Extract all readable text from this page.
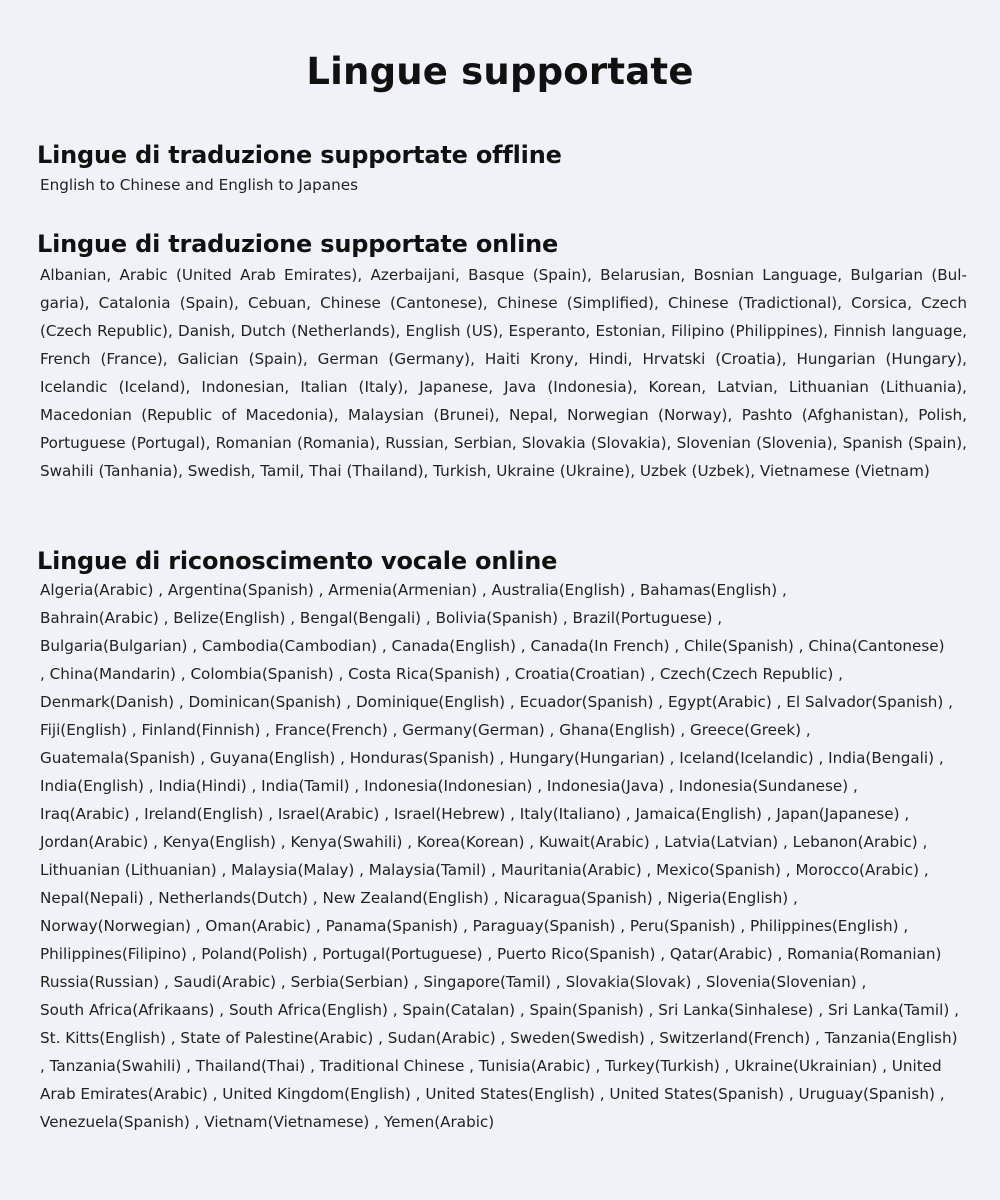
Lingue supportate
Lingue di traduzione supportate offline

English to Chinese and English to Japanes

Lingue di traduzione supportate online

Albanian, Arabic (United Arab Emirates), Azerbaijani, Basque (Spain), Belarusian, Bosnian Language, Bulgarian (Bulgaria), Catalonia (Spain), Cebuan, Chinese (Cantonese), Chinese (Simplified), Chinese (Tradictional), Corsica, Czech (Czech Republic), Danish, Dutch (Netherlands), English (US), Esperanto, Estonian, Filipino (Philippines), Finnish language, French (France), Galician (Spain), German (Germany), Haiti Krony, Hindi, Hrvatski (Croatia), Hungarian (Hungary), Icelandic (Iceland), Indonesian, Italian (Italy), Japanese, Java (Indonesia), Korean, Latvian, Lithuanian (Lithuania), Macedonian (Republic of Macedonia), Malaysian (Brunei), Nepal, Norwegian (Norway), Pashto (Afghanistan), Polish, Portuguese (Portugal), Romanian (Romania), Russian, Serbian, Slovakia (Slovakia), Slovenian (Slovenia), Spanish (Spain), Swahili (Tanhania), Swedish, Tamil, Thai (Thailand), Turkish, Ukraine (Ukraine), Uzbek (Uzbek), Vietnamese (Vietnam)

Lingue di riconoscimento vocale online

Algeria(Arabic) , Argentina(Spanish) , Armenia(Armenian) , Australia(English) , Bahamas(English) ,

Bahrain(Arabic) , Belize(English) , Bengal(Bengali) , Bolivia(Spanish) , Brazil(Portuguese) ,

Bulgaria(Bulgarian) , Cambodia(Cambodian) , Canada(English) , Canada(In French) , Chile(Spanish) , China(Cantonese)

, China(Mandarin) , Colombia(Spanish) , Costa Rica(Spanish) , Croatia(Croatian) , Czech(Czech Republic) ,

Denmark(Danish) , Dominican(Spanish) , Dominique(English) , Ecuador(Spanish) , Egypt(Arabic) , El Salvador(Spanish) ,

Fiji(English) , Finland(Finnish) , France(French) , Germany(German) , Ghana(English) , Greece(Greek) ,

Guatemala(Spanish) , Guyana(English) , Honduras(Spanish) , Hungary(Hungarian) , Iceland(Icelandic) , India(Bengali) ,

India(English) , India(Hindi) , India(Tamil) , Indonesia(Indonesian) , Indonesia(Java) , Indonesia(Sundanese) ,

Iraq(Arabic) , Ireland(English) , Israel(Arabic) , Israel(Hebrew) , Italy(Italiano) , Jamaica(English) , Japan(Japanese) ,

Jordan(Arabic) , Kenya(English) , Kenya(Swahili) , Korea(Korean) , Kuwait(Arabic) , Latvia(Latvian) , Lebanon(Arabic) ,

Lithuanian (Lithuanian) , Malaysia(Malay) , Malaysia(Tamil) , Mauritania(Arabic) , Mexico(Spanish) , Morocco(Arabic) ,

Nepal(Nepali) , Netherlands(Dutch) , New Zealand(English) , Nicaragua(Spanish) , Nigeria(English) ,

Norway(Norwegian) , Oman(Arabic) , Panama(Spanish) , Paraguay(Spanish) , Peru(Spanish) , Philippines(English) ,

Philippines(Filipino) , Poland(Polish) , Portugal(Portuguese) , Puerto Rico(Spanish) , Qatar(Arabic) , Romania(Romanian)

Russia(Russian) , Saudi(Arabic) , Serbia(Serbian) , Singapore(Tamil) , Slovakia(Slovak) , Slovenia(Slovenian) ,

South Africa(Afrikaans) , South Africa(English) , Spain(Catalan) , Spain(Spanish) , Sri Lanka(Sinhalese) , Sri Lanka(Tamil) ,

St. Kitts(English) , State of Palestine(Arabic) , Sudan(Arabic) , Sweden(Swedish) , Switzerland(French) , Tanzania(English)

, Tanzania(Swahili) , Thailand(Thai) , Traditional Chinese , Tunisia(Arabic) , Turkey(Turkish) , Ukraine(Ukrainian) , United

Arab Emirates(Arabic) , United Kingdom(English) , United States(English) , United States(Spanish) , Uruguay(Spanish) ,

Venezuela(Spanish) , Vietnam(Vietnamese) , Yemen(Arabic)
